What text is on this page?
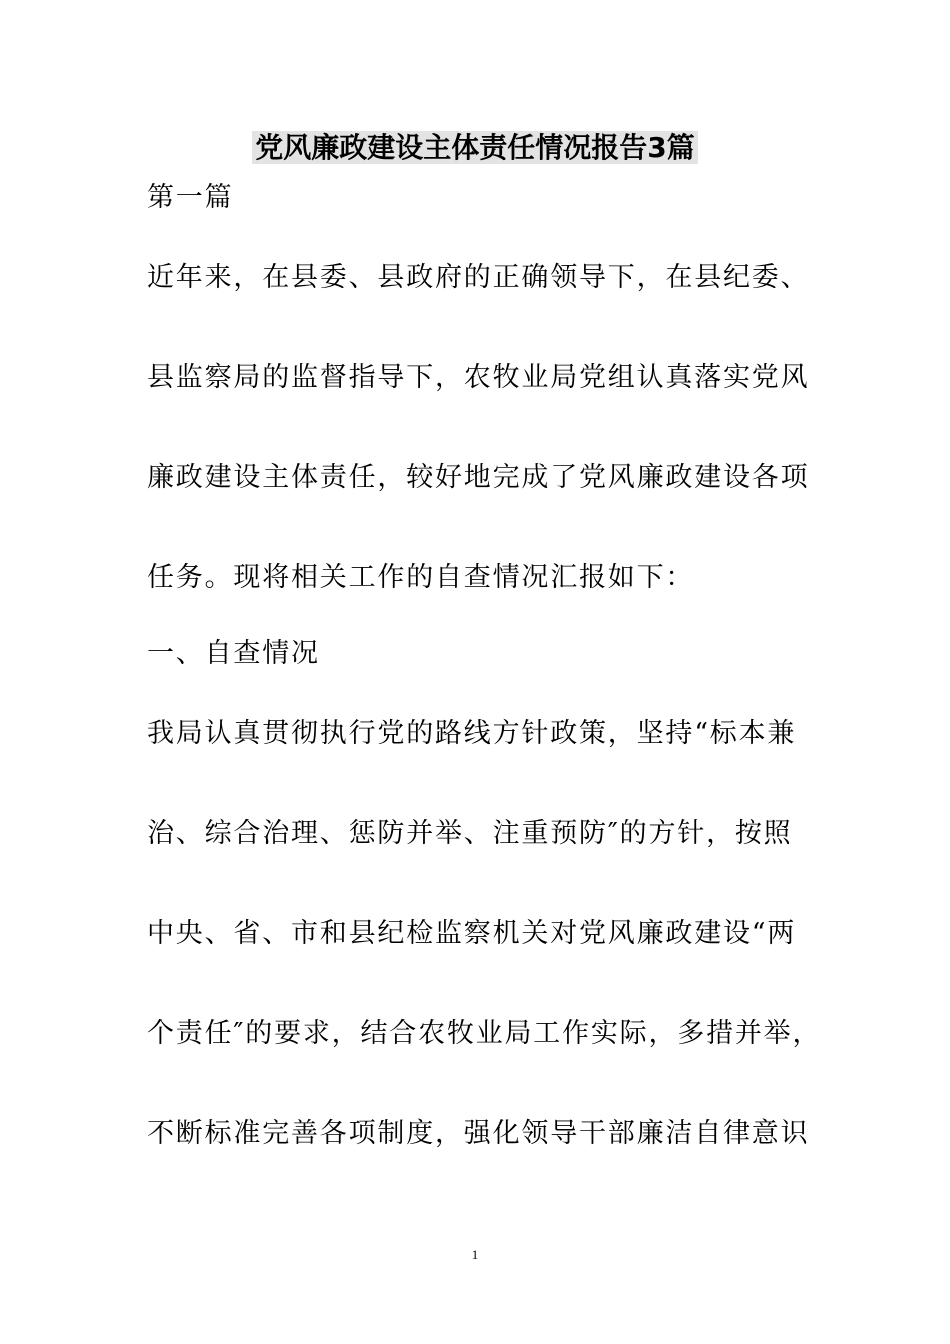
党风廉政建设主体责任情况报告3篇
第一篇
近年来，在县委、县政府的正确领导下，在县纪委、
县监察局的监督指导下，农牧业局党组认真落实党风
廉政建设主体责任，较好地完成了党风廉政建设各项
任务。现将相关工作的自查情况汇报如下：
一、自查情况
我局认真贯彻执行党的路线方针政策，坚持“标本兼
治、综合治理、惩防并举、注重预防″的方针，按照
中央、省、市和县纪检监察机关对党风廉政建设“两
个责任″的要求，结合农牧业局工作实际，多措并举，
不断标准完善各项制度，强化领导干部廉洁自律意识
1
